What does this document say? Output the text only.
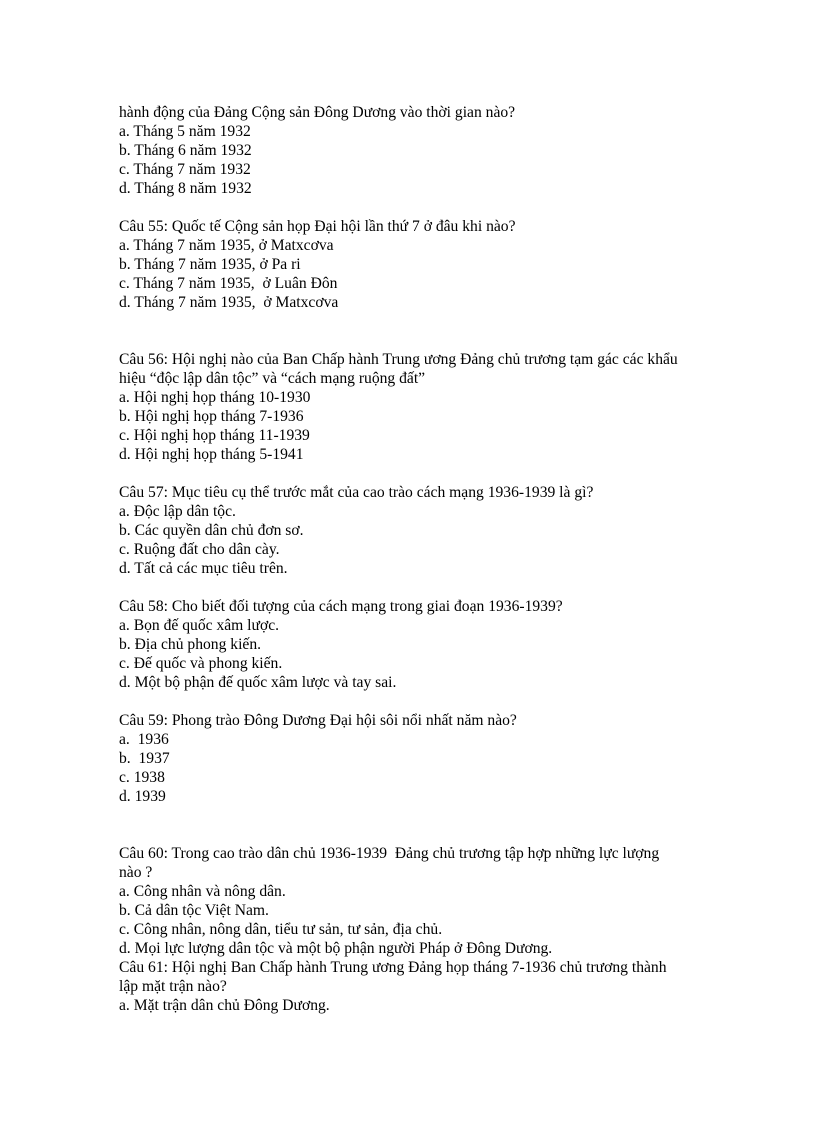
hành động của Đảng Cộng sản Đông Dương vào thời gian nào?
a. Tháng 5 năm 1932
b. Tháng 6 năm 1932
c. Tháng 7 năm 1932
d. Tháng 8 năm 1932
Câu 55: Quốc tế Cộng sản họp Đại hội lần thứ 7 ở đâu khi nào?
a. Tháng 7 năm 1935, ở Matxcơva
b. Tháng 7 năm 1935, ở Pa ri
c. Tháng 7 năm 1935,  ở Luân Đôn
d. Tháng 7 năm 1935,  ở Matxcơva
Câu 56: Hội nghị nào của Ban Chấp hành Trung ương Đảng chủ trương tạm gác các khẩu
hiệu “độc lập dân tộc” và “cách mạng ruộng đất”
a. Hội nghị họp tháng 10-1930
b. Hội nghị họp tháng 7-1936
c. Hội nghị họp tháng 11-1939
d. Hội nghị họp tháng 5-1941
Câu 57: Mục tiêu cụ thể trước mắt của cao trào cách mạng 1936-1939 là gì?
a. Độc lập dân tộc.
b. Các quyền dân chủ đơn sơ.
c. Ruộng đất cho dân cày.
d. Tất cả các mục tiêu trên.
Câu 58: Cho biết đối tượng của cách mạng trong giai đoạn 1936-1939?
a. Bọn đế quốc xâm lược.
b. Địa chủ phong kiến.
c. Đế quốc và phong kiến.
d. Một bộ phận đế quốc xâm lược và tay sai.
Câu 59: Phong trào Đông Dương Đại hội sôi nổi nhất năm nào?
a.  1936
b.  1937
c. 1938
d. 1939
Câu 60: Trong cao trào dân chủ 1936-1939  Đảng chủ trương tập hợp những lực lượng
nào ?
a. Công nhân và nông dân.
b. Cả dân tộc Việt Nam.
c. Công nhân, nông dân, tiểu tư sản, tư sản, địa chủ.
d. Mọi lực lượng dân tộc và một bộ phận người Pháp ở Đông Dương.
Câu 61: Hội nghị Ban Chấp hành Trung ương Đảng họp tháng 7-1936 chủ trương thành
lập mặt trận nào?
a. Mặt trận dân chủ Đông Dương.
